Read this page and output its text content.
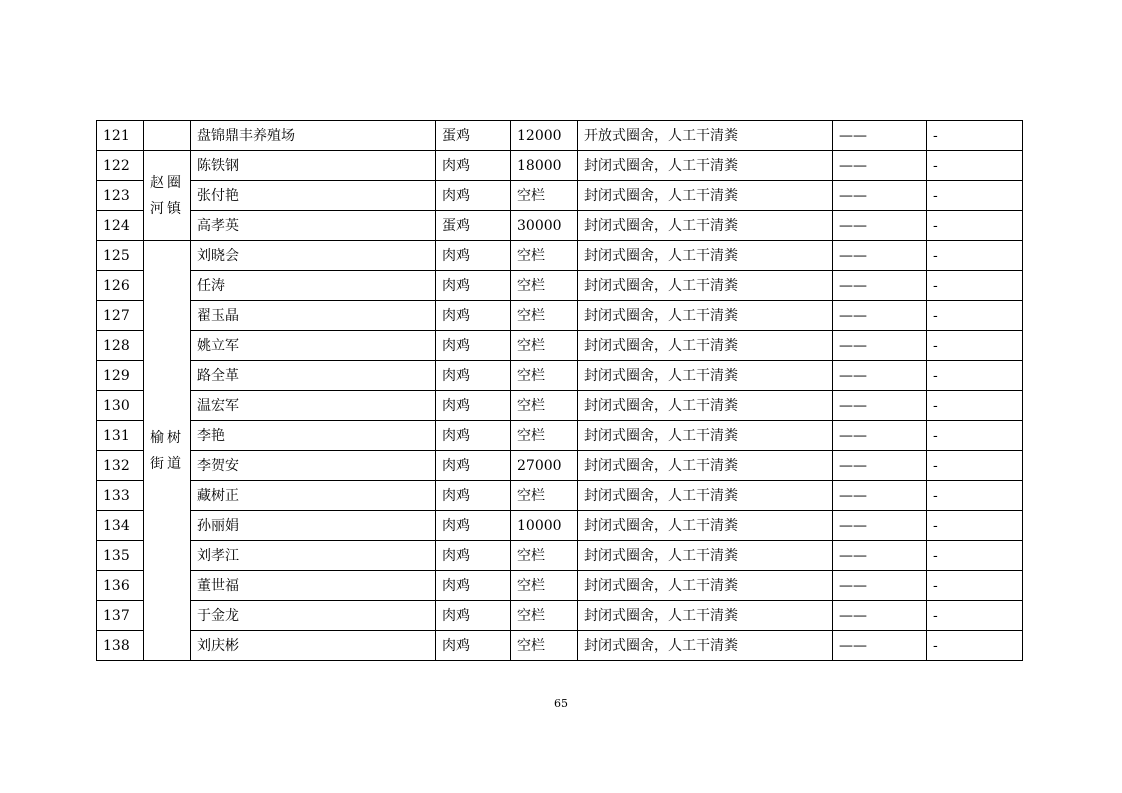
121		盘锦鼎丰养殖场	蛋鸡	12000	开放式圈舍，人工干清粪	——	-
122	赵圈河镇	陈铁钢	肉鸡	18000	封闭式圈舍，人工干清粪	——	-
123		张付艳	肉鸡	空栏	封闭式圈舍，人工干清粪	——	-
124		高孝英	蛋鸡	30000	封闭式圈舍，人工干清粪	——	-
125	榆树街道	刘晓会	肉鸡	空栏	封闭式圈舍，人工干清粪	——	-
126		任涛	肉鸡	空栏	封闭式圈舍，人工干清粪	——	-
127		翟玉晶	肉鸡	空栏	封闭式圈舍，人工干清粪	——	-
128		姚立军	肉鸡	空栏	封闭式圈舍，人工干清粪	——	-
129		路全革	肉鸡	空栏	封闭式圈舍，人工干清粪	——	-
130		温宏军	肉鸡	空栏	封闭式圈舍，人工干清粪	——	-
131		李艳	肉鸡	空栏	封闭式圈舍，人工干清粪	——	-
132		李贺安	肉鸡	27000	封闭式圈舍，人工干清粪	——	-
133		藏树正	肉鸡	空栏	封闭式圈舍，人工干清粪	——	-
134		孙丽娟	肉鸡	10000	封闭式圈舍，人工干清粪	——	-
135		刘孝江	肉鸡	空栏	封闭式圈舍，人工干清粪	——	-
136		董世福	肉鸡	空栏	封闭式圈舍，人工干清粪	——	-
137		于金龙	肉鸡	空栏	封闭式圈舍，人工干清粪	——	-
138		刘庆彬	肉鸡	空栏	封闭式圈舍，人工干清粪	——	-
65
